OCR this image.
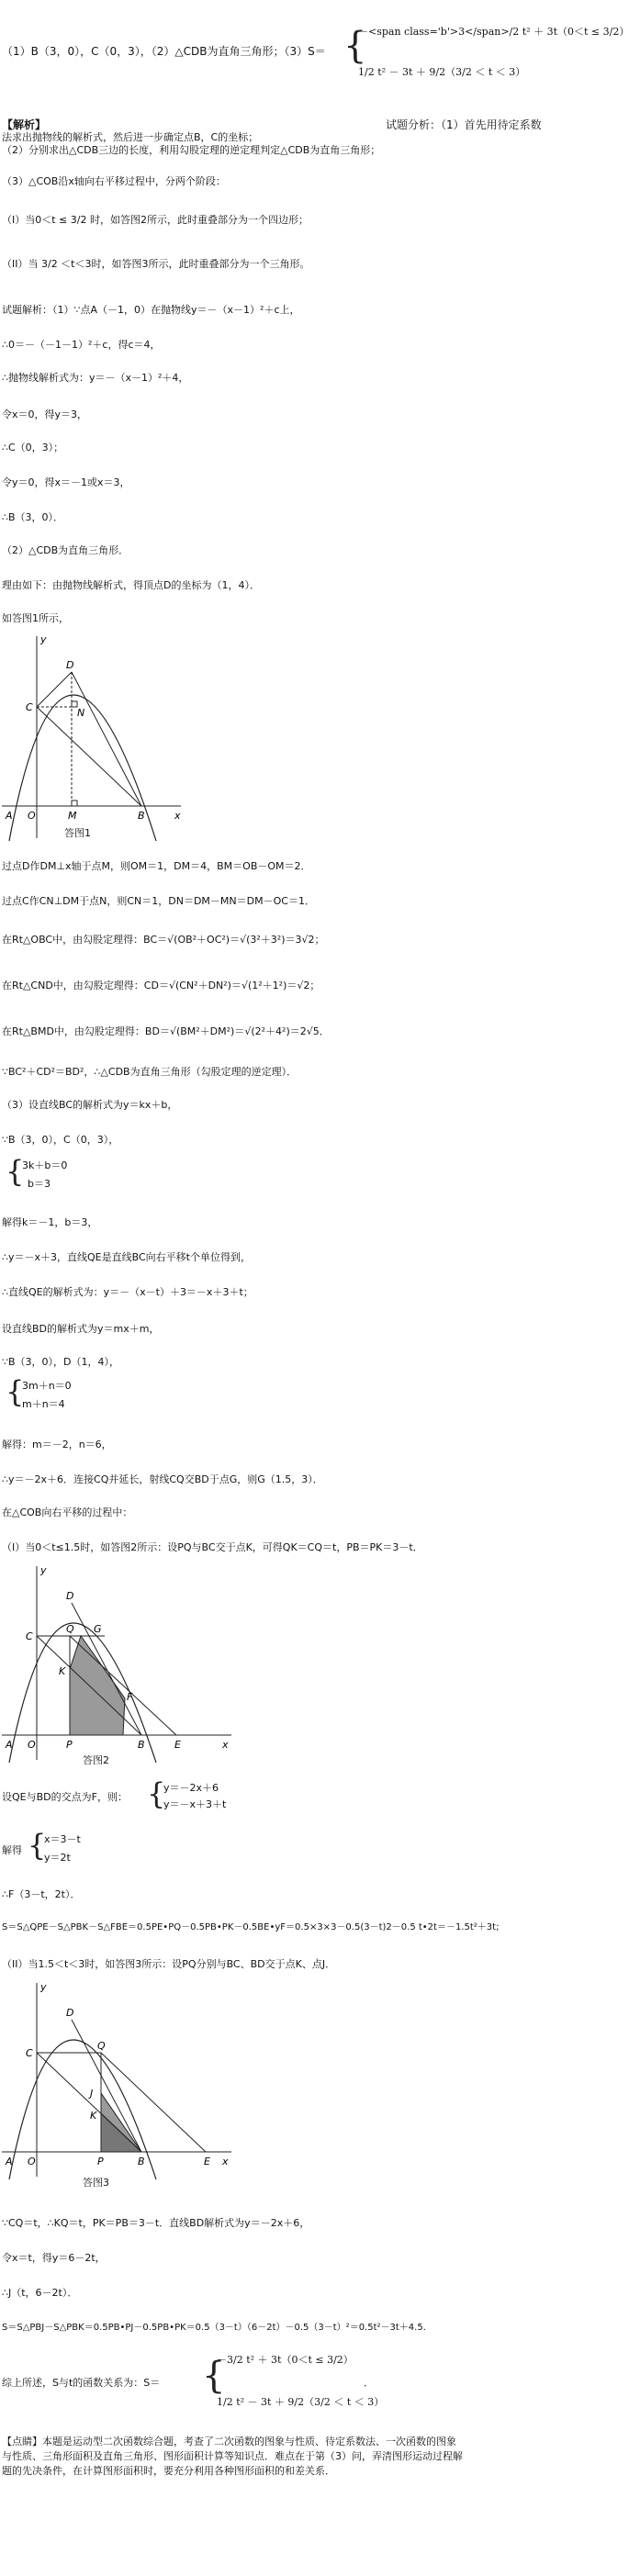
－<span class='b'>3</span>/2 t² ＋ 3t（0＜t ≤ 3/2）
{
（1）B（3，0），C（0，3），（2）△CDB为直角三角形；（3）S＝
1/2 t² － 3t ＋ 9/2（3/2 ＜ t ＜ 3）
【解析】	试题分析：（1）首先用待定系数
法求出抛物线的解析式，然后进一步确定点B，C的坐标；
（2）分别求出△CDB三边的长度，利用勾股定理的逆定理判定△CDB为直角三角形；
（3）△COB沿x轴向右平移过程中，分两个阶段：
（I）当0＜t ≤ 3/2 时，如答图2所示，此时重叠部分为一个四边形；
（II）当 3/2 ＜t＜3时，如答图3所示，此时重叠部分为一个三角形。
试题解析：（1）∵点A（－1，0）在抛物线y＝－（x－1）²＋c上，
∴0＝－（－1－1）²＋c，得c＝4，
∴抛物线解析式为：y＝－（x－1）²＋4，
令x＝0，得y＝3，
∴C（0，3）；
令y＝0，得x＝－1或x＝3，
∴B（3，0）．
（2）△CDB为直角三角形．
理由如下：由抛物线解析式，得顶点D的坐标为（1，4）．
如答图1所示，
y
D
C	N
A O	M	B	x
答图1
过点D作DM⊥x轴于点M，则OM＝1，DM＝4，BM＝OB－OM＝2．
过点C作CN⊥DM于点N，则CN＝1，DN＝DM－MN＝DM－OC＝1．
在Rt△OBC中，由勾股定理得：BC＝√(OB²＋OC²)＝√(3²＋3²)＝3√2；
在Rt△CND中，由勾股定理得：CD＝√(CN²＋DN²)＝√(1²＋1²)＝√2；
在Rt△BMD中，由勾股定理得：BD＝√(BM²＋DM²)＝√(2²＋4²)＝2√5．
∵BC²＋CD²＝BD²，∴△CDB为直角三角形（勾股定理的逆定理）．
（3）设直线BC的解析式为y＝kx＋b，
∵B（3，0），C（0，3），
{
3k＋b＝0
b＝3
解得k＝－1，b＝3，
∴y＝－x＋3，直线QE是直线BC向右平移t个单位得到，
∴直线QE的解析式为：y＝－（x－t）＋3＝－x＋3＋t；
设直线BD的解析式为y＝mx＋m，
∵B（3，0），D（1，4），
{
3m＋n＝0
m＋n＝4
解得：m＝－2，n＝6，
∴y＝－2x＋6．连接CQ并延长，射线CQ交BD于点G，则G（1.5，3）．
在△COB向右平移的过程中：
（I）当0＜t≤1.5时，如答图2所示：设PQ与BC交于点K，可得QK＝CQ＝t，PB＝PK＝3－t．
y
D
C
Q G
K
F
A O	P	B	E	x
答图2
设QE与BD的交点为F，则： {
y＝－2x＋6
y＝－x＋3＋t
解得 {
x＝3－t
y＝2t
∴F（3－t，2t）．
S＝S△QPE－S△PBK－S△FBE＝0.5PE•PQ－0.5PB•PK－0.5BE•yF＝0.5×3×3－0.5(3－t)2－0.5 t•2t＝－1.5t²＋3t;
（II）当1.5＜t＜3时，如答图3所示：设PQ分别与BC、BD交于点K、点J．
y
D
C
Q
J
K
A O	P	B	E x
答图3
∵CQ＝t，∴KQ＝t，PK＝PB＝3－t．直线BD解析式为y＝－2x＋6，
令x＝t，得y＝6－2t，
∴J（t，6－2t）．
S＝S△PBJ－S△PBK＝0.5PB•PJ－0.5PB•PK＝0.5（3－t）（6－2t）－0.5（3－t）²＝0.5t²－3t＋4.5．
－3/2 t² ＋ 3t（0＜t ≤ 3/2）
{
综上所述，S与t的函数关系为：S＝
1/2 t² － 3t ＋ 9/2（3/2 ＜ t ＜ 3）
．
【点睛】本题是运动型二次函数综合题，考查了二次函数的图象与性质、待定系数法、一次函数的图象
与性质、三角形面积及直角三角形、图形面积计算等知识点．难点在于第（3）问，弄清图形运动过程解
题的先决条件，在计算图形面积时，要充分利用各种图形面积的和差关系．
